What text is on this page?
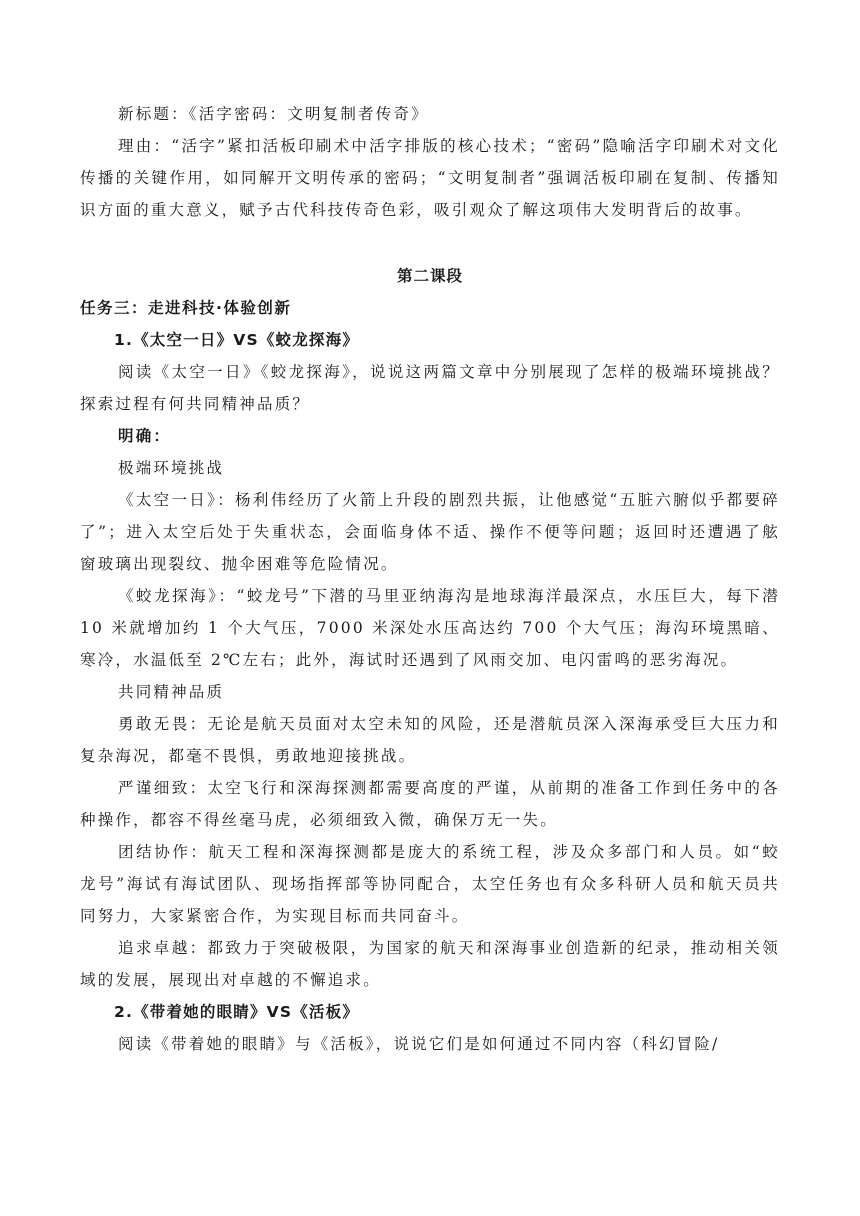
新标题：《活字密码：文明复制者传奇》

理由：“活字”紧扣活板印刷术中活字排版的核心技术；“密码”隐喻活字印刷术对文化传播的关键作用，如同解开文明传承的密码；“文明复制者”强调活板印刷在复制、传播知识方面的重大意义，赋予古代科技传奇色彩，吸引观众了解这项伟大发明背后的故事。

第二课段

任务三：走进科技·体验创新

1.《太空一日》VS《蛟龙探海》

阅读《太空一日》《蛟龙探海》，说说这两篇文章中分别展现了怎样的极端环境挑战？探索过程有何共同精神品质？

明确：

极端环境挑战

《太空一日》：杨利伟经历了火箭上升段的剧烈共振，让他感觉“五脏六腑似乎都要碎了”；进入太空后处于失重状态，会面临身体不适、操作不便等问题；返回时还遭遇了舷窗玻璃出现裂纹、抛伞困难等危险情况。

《蛟龙探海》：“蛟龙号”下潜的马里亚纳海沟是地球海洋最深点，水压巨大，每下潜 10 米就增加约 1 个大气压，7000 米深处水压高达约 700 个大气压；海沟环境黑暗、寒冷，水温低至 2℃左右；此外，海试时还遇到了风雨交加、电闪雷鸣的恶劣海况。

共同精神品质

勇敢无畏：无论是航天员面对太空未知的风险，还是潜航员深入深海承受巨大压力和复杂海况，都毫不畏惧，勇敢地迎接挑战。

严谨细致：太空飞行和深海探测都需要高度的严谨，从前期的准备工作到任务中的各种操作，都容不得丝毫马虎，必须细致入微，确保万无一失。

团结协作：航天工程和深海探测都是庞大的系统工程，涉及众多部门和人员。如“蛟龙号”海试有海试团队、现场指挥部等协同配合，太空任务也有众多科研人员和航天员共同努力，大家紧密合作，为实现目标而共同奋斗。

追求卓越：都致力于突破极限，为国家的航天和深海事业创造新的纪录，推动相关领域的发展，展现出对卓越的不懈追求。

2.《带着她的眼睛》VS《活板》

阅读《带着她的眼睛》与《活板》，说说它们是如何通过不同内容（科幻冒险/
